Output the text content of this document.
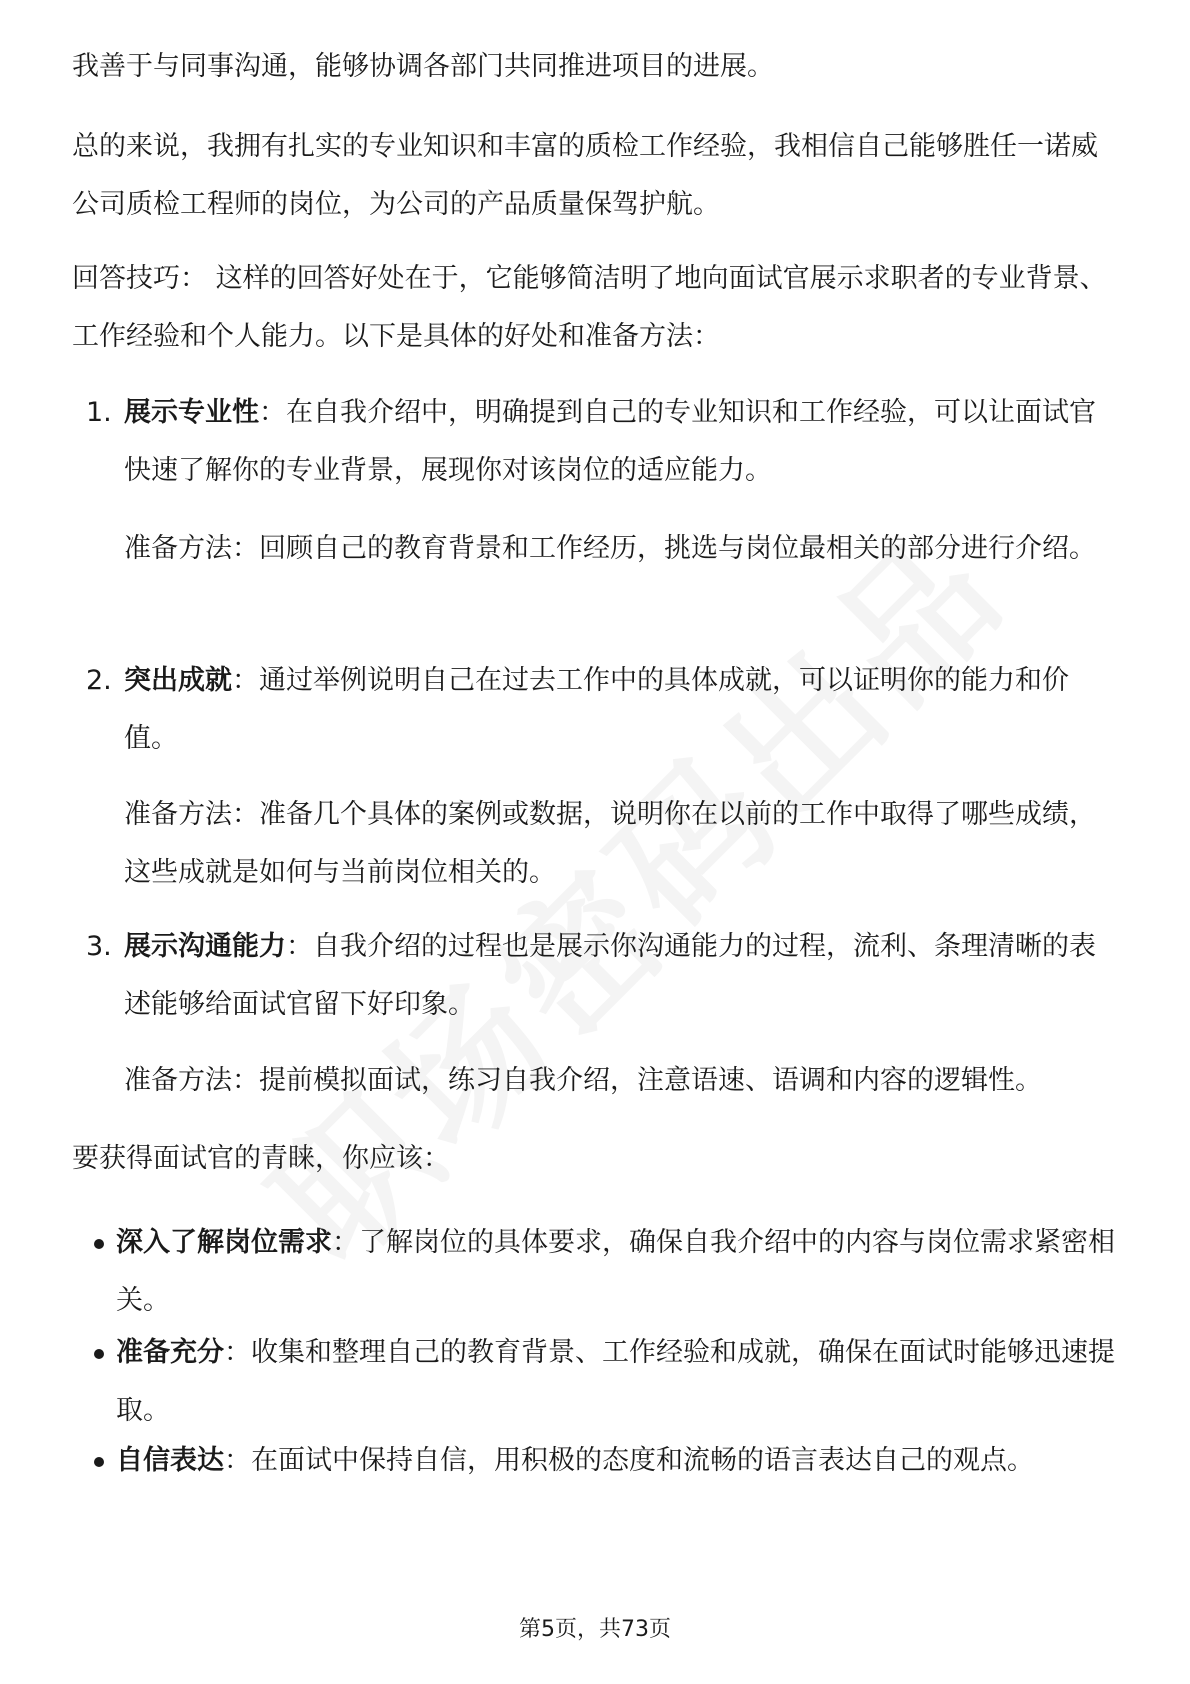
我善于与同事沟通，能够协调各部门共同推进项目的进展。

总的来说，我拥有扎实的专业知识和丰富的质检工作经验，我相信自己能够胜任一诺威公司质检工程师的岗位，为公司的产品质量保驾护航。

回答技巧： 这样的回答好处在于，它能够简洁明了地向面试官展示求职者的专业背景、工作经验和个人能力。以下是具体的好处和准备方法：

1. 展示专业性：在自我介绍中，明确提到自己的专业知识和工作经验，可以让面试官快速了解你的专业背景，展现你对该岗位的适应能力。

准备方法：回顾自己的教育背景和工作经历，挑选与岗位最相关的部分进行介绍。

2. 突出成就：通过举例说明自己在过去工作中的具体成就，可以证明你的能力和价值。

准备方法：准备几个具体的案例或数据，说明你在以前的工作中取得了哪些成绩，这些成就是如何与当前岗位相关的。

3. 展示沟通能力：自我介绍的过程也是展示你沟通能力的过程，流利、条理清晰的表述能够给面试官留下好印象。

准备方法：提前模拟面试，练习自我介绍，注意语速、语调和内容的逻辑性。

要获得面试官的青睐，你应该：

深入了解岗位需求：了解岗位的具体要求，确保自我介绍中的内容与岗位需求紧密相关。

准备充分：收集和整理自己的教育背景、工作经验和成就，确保在面试时能够迅速提取。

自信表达：在面试中保持自信，用积极的态度和流畅的语言表达自己的观点。

第5页，共73页
